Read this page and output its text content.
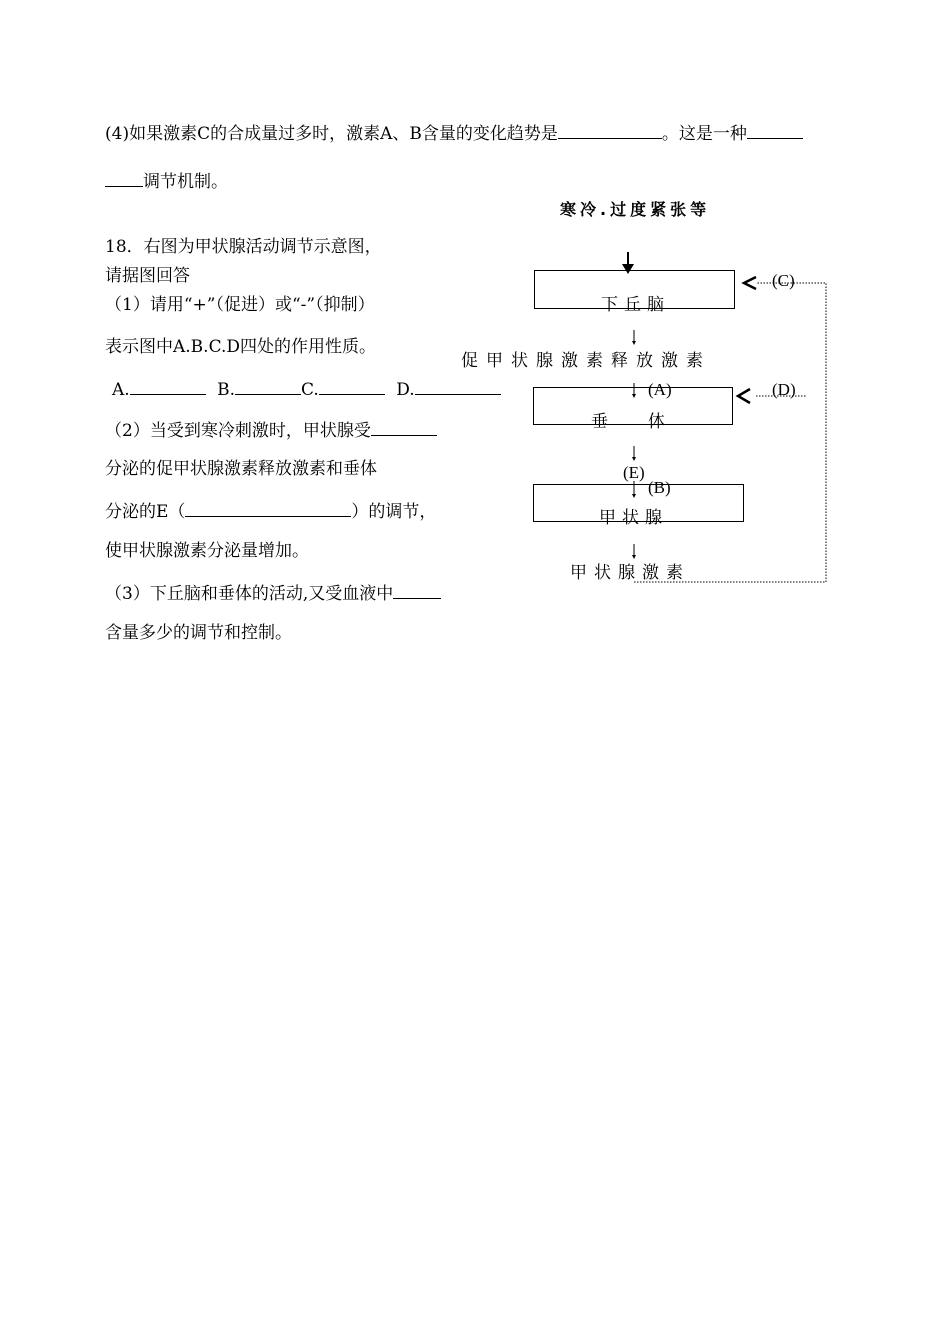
(4)如果激素C的合成量过多时，激素A、B含量的变化趋势是	。这是一种
调节机制。
18．右图为甲状腺活动调节示意图，
请据图回答
（1）请用“+”（促进）或“-”（抑制）
表示图中A.B.C.D四处的作用性质。
A.	B.	C.	D.
（2）当受到寒冷刺激时，甲状腺受
分泌的促甲状腺激素释放激素和垂体
分泌的E（	）的调节，
使甲状腺激素分泌量增加。
（3）下丘脑和垂体的活动,又受血液中
含量多少的调节和控制。
寒冷.过度紧张等
下丘脑
促甲状腺激素释放激素
垂 体
甲状腺
甲状腺激素
(A)
(B)
(C)
(D)
(E)
